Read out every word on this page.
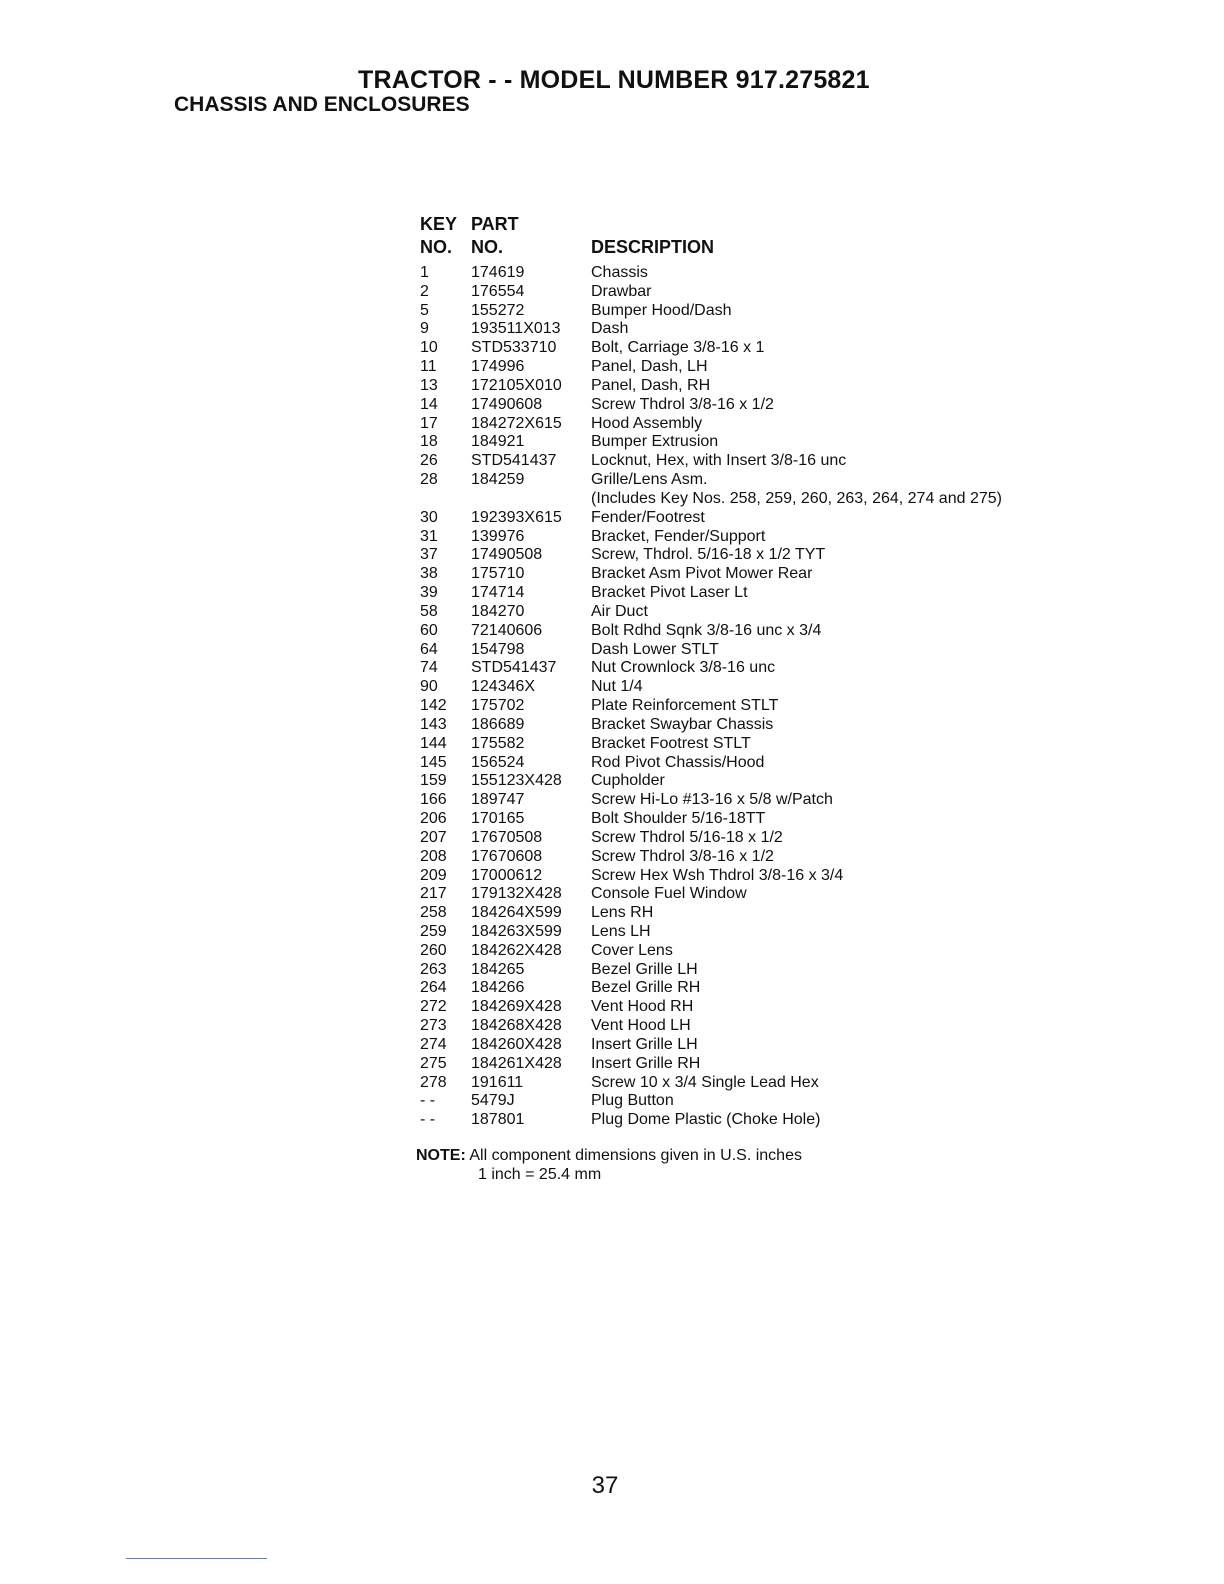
TRACTOR - - MODEL NUMBER 917.275821
CHASSIS AND ENCLOSURES
KEY
NO.
PART
NO.	DESCRIPTION
1	174619	Chassis
2	176554	Drawbar
5	155272	Bumper Hood/Dash
9	193511X013 Dash
10 STD533710 Bolt, Carriage 3/8-16 x 1
11 174996	Panel, Dash, LH
13 172105X010 Panel, Dash, RH
14 17490608	Screw Thdrol 3/8-16 x 1/2
17 184272X615 Hood Assembly
18 184921	Bumper Extrusion
26 STD541437 Locknut, Hex, with Insert 3/8-16 unc
28 184259	Grille/Lens Asm.
(Includes Key Nos. 258, 259, 260, 263, 264, 274 and 275)
30 192393X615 Fender/Footrest
31 139976	Bracket, Fender/Support
37 17490508	Screw, Thdrol. 5/16-18 x 1/2 TYT
38 175710	Bracket Asm Pivot Mower Rear
39 174714	Bracket Pivot Laser Lt
58 184270	Air Duct
60 72140606	Bolt Rdhd Sqnk 3/8-16 unc x 3/4
64 154798	Dash Lower STLT
74 STD541437 Nut Crownlock 3/8-16 unc
90 124346X	Nut 1/4
142 175702	Plate Reinforcement STLT
143 186689	Bracket Swaybar Chassis
144 175582	Bracket Footrest STLT
145 156524	Rod Pivot Chassis/Hood
159 155123X428 Cupholder
166 189747	Screw Hi-Lo #13-16 x 5/8 w/Patch
206 170165	Bolt Shoulder 5/16-18TT
207 17670508	Screw Thdrol 5/16-18 x 1/2
208 17670608	Screw Thdrol 3/8-16 x 1/2
209 17000612	Screw Hex Wsh Thdrol 3/8-16 x 3/4
217 179132X428 Console Fuel Window
258 184264X599 Lens RH
259 184263X599 Lens LH
260 184262X428 Cover Lens
263 184265	Bezel Grille LH
264 184266	Bezel Grille RH
272 184269X428 Vent Hood RH
273 184268X428 Vent Hood LH
274 184260X428 Insert Grille LH
275 184261X428 Insert Grille RH
278 191611	Screw 10 x 3/4 Single Lead Hex
- - 5479J	Plug Button
- - 187801	Plug Dome Plastic (Choke Hole)
NOTE: All component dimensions given in U.S. inches
1 inch = 25.4 mm
37
